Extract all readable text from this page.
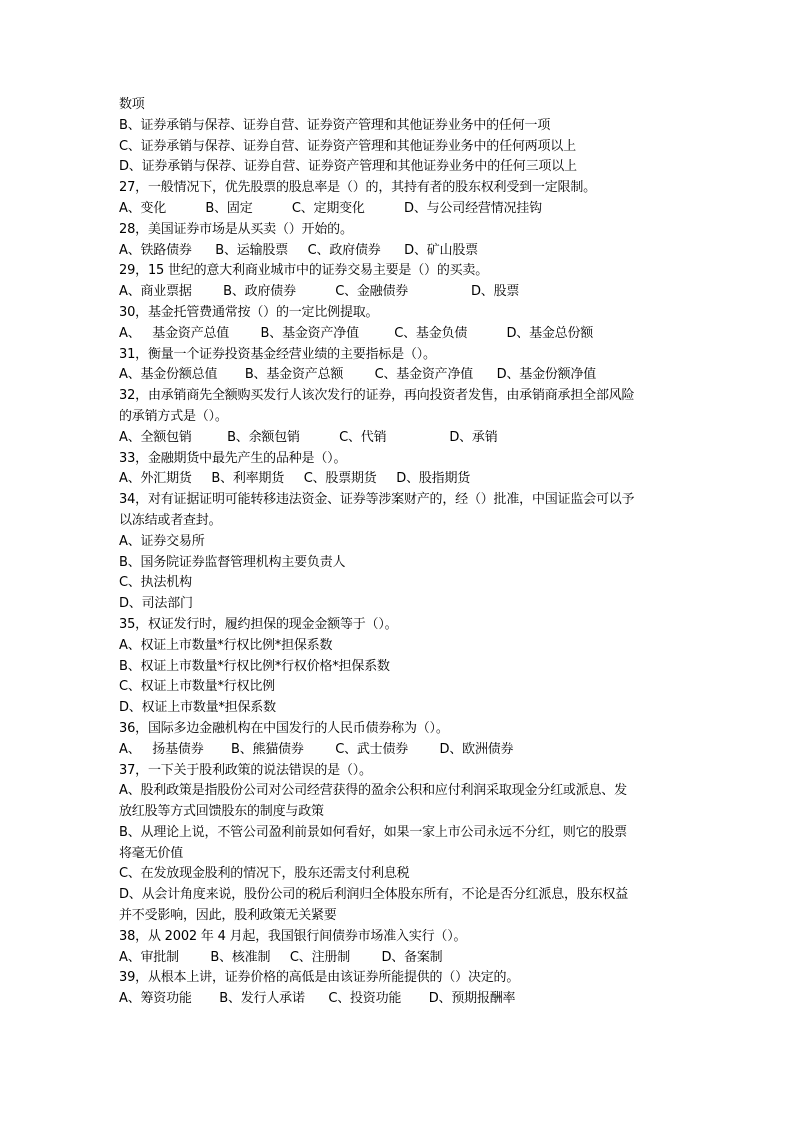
数项
B、证券承销与保荐、证券自营、证券资产管理和其他证券业务中的任何一项
C、证券承销与保荐、证券自营、证券资产管理和其他证券业务中的任何两项以上
D、证券承销与保荐、证券自营、证券资产管理和其他证券业务中的任何三项以上
27，一般情况下，优先股票的股息率是（）的，其持有者的股东权利受到一定限制。
A、变化          B、固定          C、定期变化          D、与公司经营情况挂钩
28，美国证券市场是从买卖（）开始的。
A、铁路债券      B、运输股票     C、政府债券      D、矿山股票
29，15 世纪的意大利商业城市中的证券交易主要是（）的买卖。
A、商业票据        B、政府债券          C、金融债券                D、股票
30，基金托管费通常按（）的一定比例提取。
A、   基金资产总值        B、基金资产净值         C、基金负债          D、基金总份额
31，衡量一个证券投资基金经营业绩的主要指标是（）。
A、基金份额总值       B、基金资产总额        C、基金资产净值      D、基金份额净值
32，由承销商先全额购买发行人该次发行的证券，再向投资者发售，由承销商承担全部风险
的承销方式是（）。
A、全额包销         B、余额包销          C、代销                D、承销
33，金融期货中最先产生的品种是（）。
A、外汇期货     B、利率期货     C、股票期货     D、股指期货
34，对有证据证明可能转移违法资金、证券等涉案财产的，经（）批准，中国证监会可以予
以冻结或者查封。
A、证券交易所
B、国务院证券监督管理机构主要负责人
C、执法机构
D、司法部门
35，权证发行时，履约担保的现金金额等于（）。
A、权证上市数量*行权比例*担保系数
B、权证上市数量*行权比例*行权价格*担保系数
C、权证上市数量*行权比例
D、权证上市数量*担保系数
36，国际多边金融机构在中国发行的人民币债券称为（）。
A、   扬基债券       B、熊猫债券        C、武士债券        D、欧洲债券
37，一下关于股利政策的说法错误的是（）。
A、股利政策是指股份公司对公司经营获得的盈余公积和应付利润采取现金分红或派息、发
放红股等方式回馈股东的制度与政策
B、从理论上说，不管公司盈利前景如何看好，如果一家上市公司永远不分红，则它的股票
将毫无价值
C、在发放现金股利的情况下，股东还需支付利息税
D、从会计角度来说，股份公司的税后利润归全体股东所有，不论是否分红派息，股东权益
并不受影响，因此，股利政策无关紧要
38，从 2002 年 4 月起，我国银行间债券市场准入实行（）。
A、审批制        B、核准制     C、注册制        D、备案制
39，从根本上讲，证券价格的高低是由该证券所能提供的（）决定的。
A、筹资功能       B、发行人承诺      C、投资功能       D、预期报酬率
